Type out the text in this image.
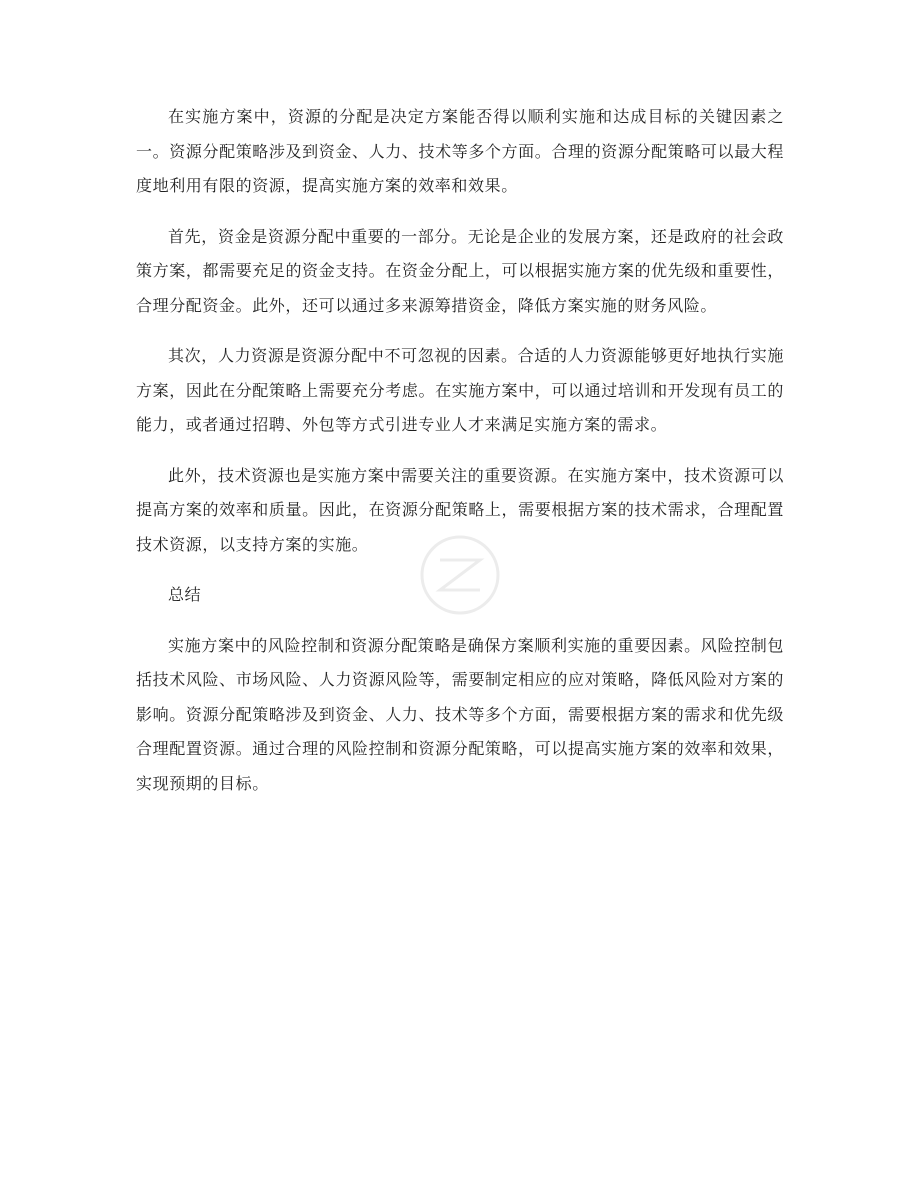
在实施方案中，资源的分配是决定方案能否得以顺利实施和达成目标的关键因素之一。资源分配策略涉及到资金、人力、技术等多个方面。合理的资源分配策略可以最大程度地利用有限的资源，提高实施方案的效率和效果。

首先，资金是资源分配中重要的一部分。无论是企业的发展方案，还是政府的社会政策方案，都需要充足的资金支持。在资金分配上，可以根据实施方案的优先级和重要性，合理分配资金。此外，还可以通过多来源筹措资金，降低方案实施的财务风险。

其次，人力资源是资源分配中不可忽视的因素。合适的人力资源能够更好地执行实施方案，因此在分配策略上需要充分考虑。在实施方案中，可以通过培训和开发现有员工的能力，或者通过招聘、外包等方式引进专业人才来满足实施方案的需求。

此外，技术资源也是实施方案中需要关注的重要资源。在实施方案中，技术资源可以提高方案的效率和质量。因此，在资源分配策略上，需要根据方案的技术需求，合理配置技术资源，以支持方案的实施。

总结

实施方案中的风险控制和资源分配策略是确保方案顺利实施的重要因素。风险控制包括技术风险、市场风险、人力资源风险等，需要制定相应的应对策略，降低风险对方案的影响。资源分配策略涉及到资金、人力、技术等多个方面，需要根据方案的需求和优先级合理配置资源。通过合理的风险控制和资源分配策略，可以提高实施方案的效率和效果，实现预期的目标。
